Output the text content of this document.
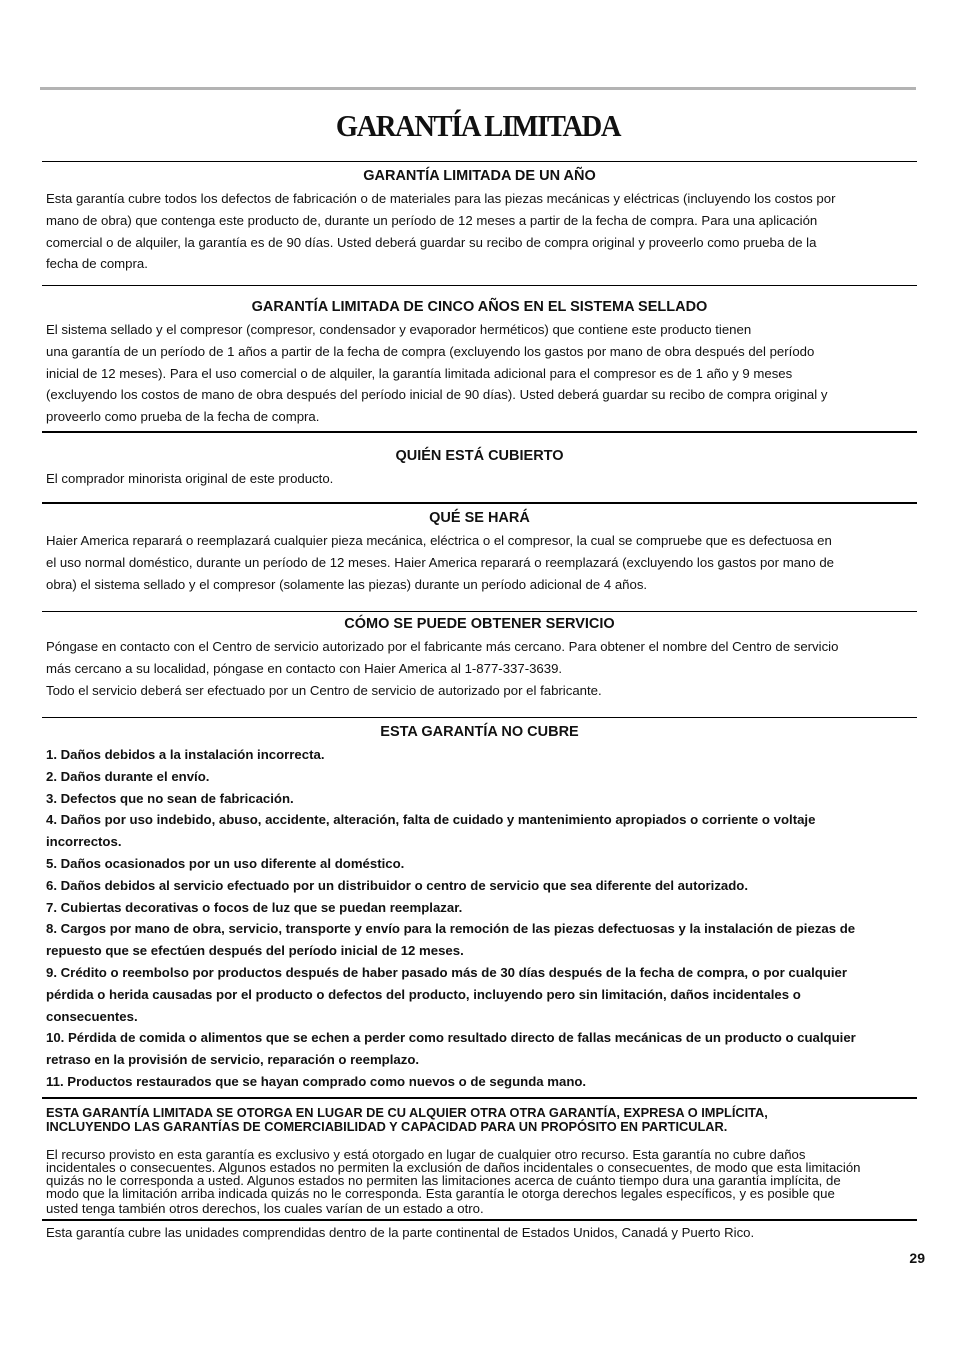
GARANTÍA LIMITADA
GARANTÍA LIMITADA DE UN AÑO
Esta garantía cubre todos los defectos de fabricación o de materiales para las piezas mecánicas y eléctricas (incluyendo los costos por
mano de obra) que contenga este producto de, durante un período de 12 meses a partir de la fecha de compra. Para una aplicación
comercial o de alquiler, la garantía es de 90 días. Usted deberá guardar su recibo de compra original y proveerlo como prueba de la
fecha de compra.
GARANTÍA LIMITADA DE CINCO AÑOS EN EL SISTEMA SELLADO
El sistema sellado y el compresor (compresor, condensador y evaporador herméticos) que contiene este producto tienen
una garantía de un período de 1 años a partir de la fecha de compra (excluyendo los gastos por mano de obra después del período
inicial de 12 meses). Para el uso comercial o de alquiler, la garantía limitada adicional para el compresor es de 1 año y 9 meses
(excluyendo los costos de mano de obra después del período inicial de 90 días). Usted deberá guardar su recibo de compra original y
proveerlo como prueba de la fecha de compra.
QUIÉN ESTÁ CUBIERTO
El comprador minorista original de este producto.
QUÉ SE HARÁ
Haier America reparará o reemplazará cualquier pieza mecánica, eléctrica o el compresor, la cual se compruebe que es defectuosa en
el uso normal doméstico, durante un período de 12 meses. Haier America reparará o reemplazará (excluyendo los gastos por mano de
obra) el sistema sellado y el compresor (solamente las piezas) durante un período adicional de 4 años.
CÓMO SE PUEDE OBTENER SERVICIO
Póngase en contacto con el Centro de servicio autorizado por el fabricante más cercano. Para obtener el nombre del Centro de servicio
más cercano a su localidad, póngase en contacto con Haier America al 1-877-337-3639.
Todo el servicio deberá ser efectuado por un Centro de servicio de autorizado por el fabricante.
ESTA GARANTÍA NO CUBRE
1. Daños debidos a la instalación incorrecta.
2. Daños durante el envío.
3. Defectos que no sean de fabricación.
4. Daños por uso indebido, abuso, accidente, alteración, falta de cuidado y mantenimiento apropiados o corriente o voltaje
incorrectos.
5. Daños ocasionados por un uso diferente al doméstico.
6. Daños debidos al servicio efectuado por un distribuidor o centro de servicio que sea diferente del autorizado.
7. Cubiertas decorativas o focos de luz que se puedan reemplazar.
8. Cargos por mano de obra, servicio, transporte y envío para la remoción de las piezas defectuosas y la instalación de piezas de
repuesto que se efectúen después del período inicial de 12 meses.
9. Crédito o reembolso por productos después de haber pasado más de 30 días después de la fecha de compra, o por cualquier
pérdida o herida causadas por el producto o defectos del producto, incluyendo pero sin limitación, daños incidentales o
consecuentes.
10. Pérdida de comida o alimentos que se echen a perder como resultado directo de fallas mecánicas de un producto o cualquier
retraso en la provisión de servicio, reparación o reemplazo.
11. Productos restaurados que se hayan comprado como nuevos o de segunda mano.
ESTA GARANTÍA LIMITADA SE OTORGA EN LUGAR DE CU ALQUIER OTRA OTRA GARANTÍA, EXPRESA O IMPLÍCITA,
INCLUYENDO LAS GARANTÍAS DE COMERCIABILIDAD Y CAPACIDAD PARA UN PROPÓSITO EN PARTICULAR.
El recurso provisto en esta garantía es exclusivo y está otorgado en lugar de cualquier otro recurso. Esta garantía no cubre daños
incidentales o consecuentes. Algunos estados no permiten la exclusión de daños incidentales o consecuentes, de modo que esta limitación
quizás no le corresponda a usted. Algunos estados no permiten las limitaciones acerca de cuánto tiempo dura una garantía implícita, de
modo que la limitación arriba indicada quizás no le corresponda. Esta garantía le otorga derechos legales específicos, y es posible que
usted tenga también otros derechos, los cuales varían de un estado a otro.
Esta garantía cubre las unidades comprendidas dentro de la parte continental de Estados Unidos, Canadá y Puerto Rico.
29
